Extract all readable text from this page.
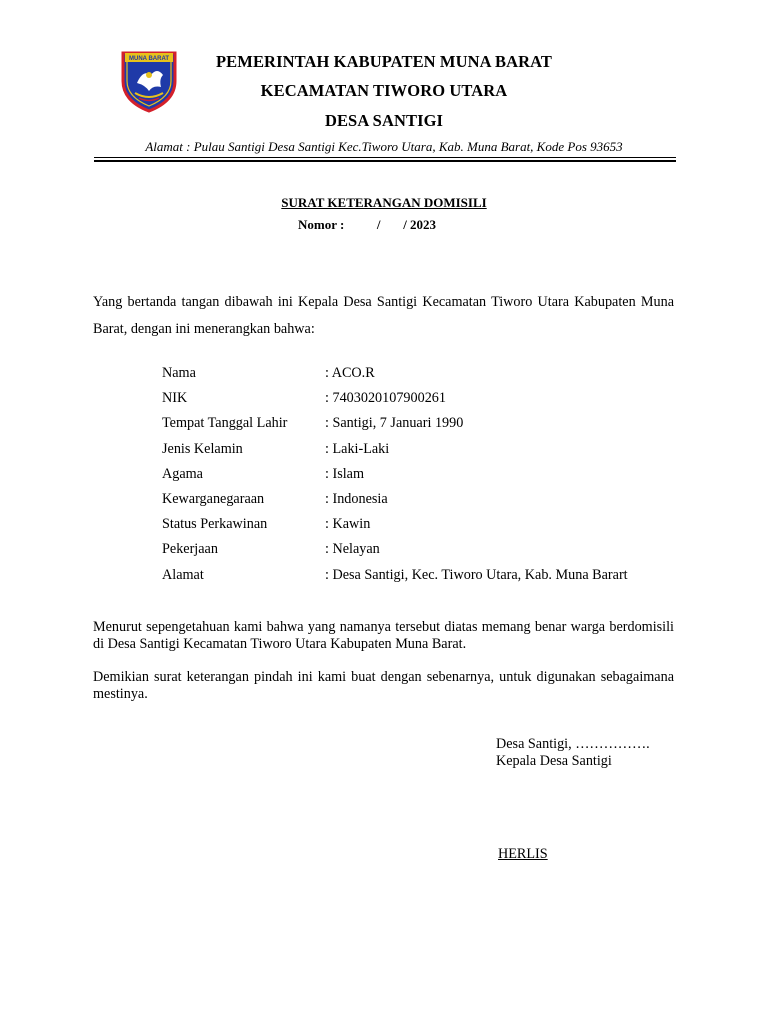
MUNA BARAT	PEMERINTAH KABUPATEN MUNA BARAT
KECAMATAN TIWORO UTARA
DESA SANTIGI
Alamat : Pulau Santigi Desa Santigi Kec.Tiworo Utara, Kab. Muna Barat, Kode Pos 93653
SURAT KETERANGAN DOMISILI
Nomor :          /       / 2023
Yang bertanda tangan dibawah ini Kepala Desa Santigi Kecamatan Tiworo Utara Kabupaten Muna Barat, dengan ini menerangkan bahwa:
Nama	: ACO.R
NIK	: 7403020107900261
Tempat Tanggal Lahir	: Santigi, 7 Januari 1990
Jenis Kelamin	: Laki-Laki
Agama	: Islam
Kewarganegaraan	: Indonesia
Status Perkawinan	: Kawin
Pekerjaan	: Nelayan
Alamat	: Desa Santigi, Kec. Tiworo Utara, Kab. Muna Barart
Menurut sepengetahuan kami bahwa yang namanya tersebut diatas memang benar warga berdomisili di Desa Santigi Kecamatan Tiworo Utara Kabupaten Muna Barat.
Demikian surat keterangan pindah ini kami buat dengan sebenarnya, untuk digunakan sebagaimana mestinya.
Desa Santigi, …………….
Kepala Desa Santigi
HERLIS
